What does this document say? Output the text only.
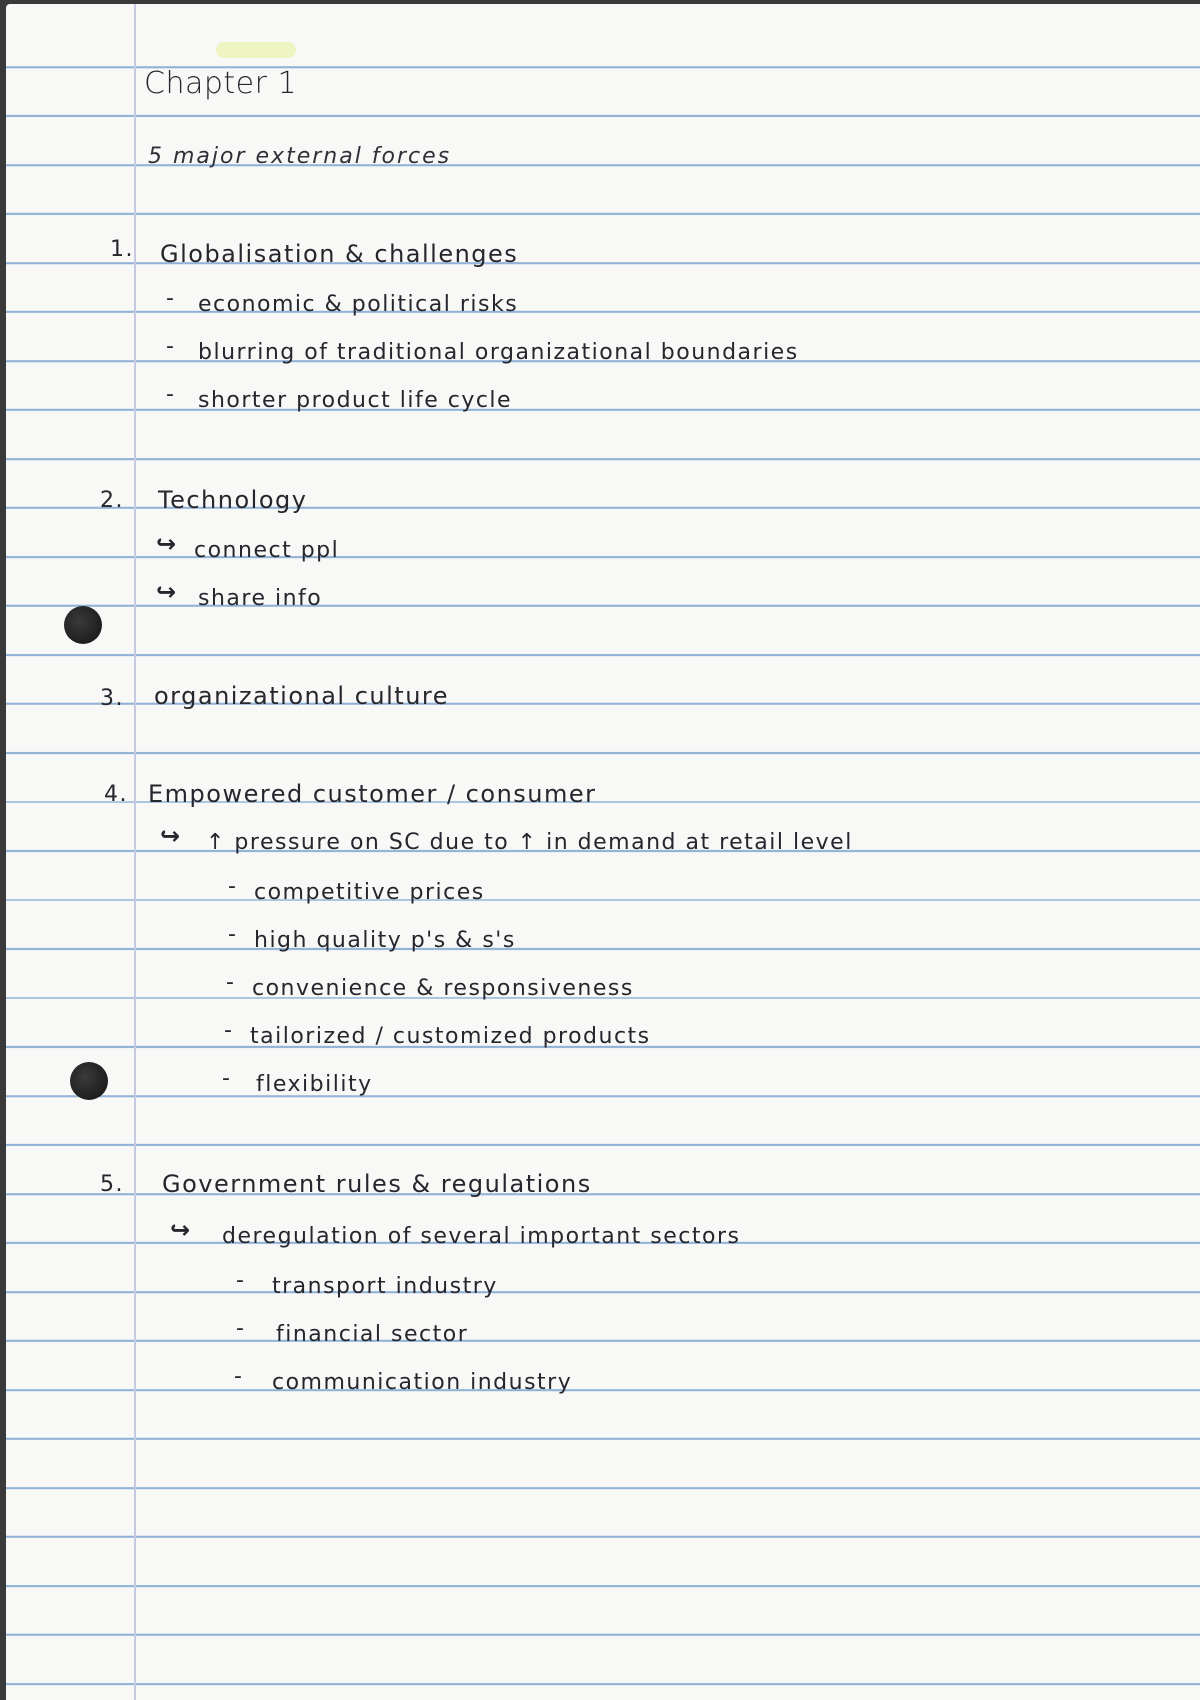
Chapter 1
5 major external forces
1. Globalisation & challenges
- economic & political risks
- blurring of traditional organizational boundaries
- shorter product life cycle
2. Technology
↪ connect ppl
↪ share info
3. organizational culture
4. Empowered customer / consumer
↪ ↑ pressure on SC due to ↑ in demand at retail level
- competitive prices
- high quality p's & s's
- convenience & responsiveness
- tailorized / customized products
- flexibility
5. Government rules & regulations
↪ deregulation of several important sectors
- transport industry
- financial sector
- communication industry
